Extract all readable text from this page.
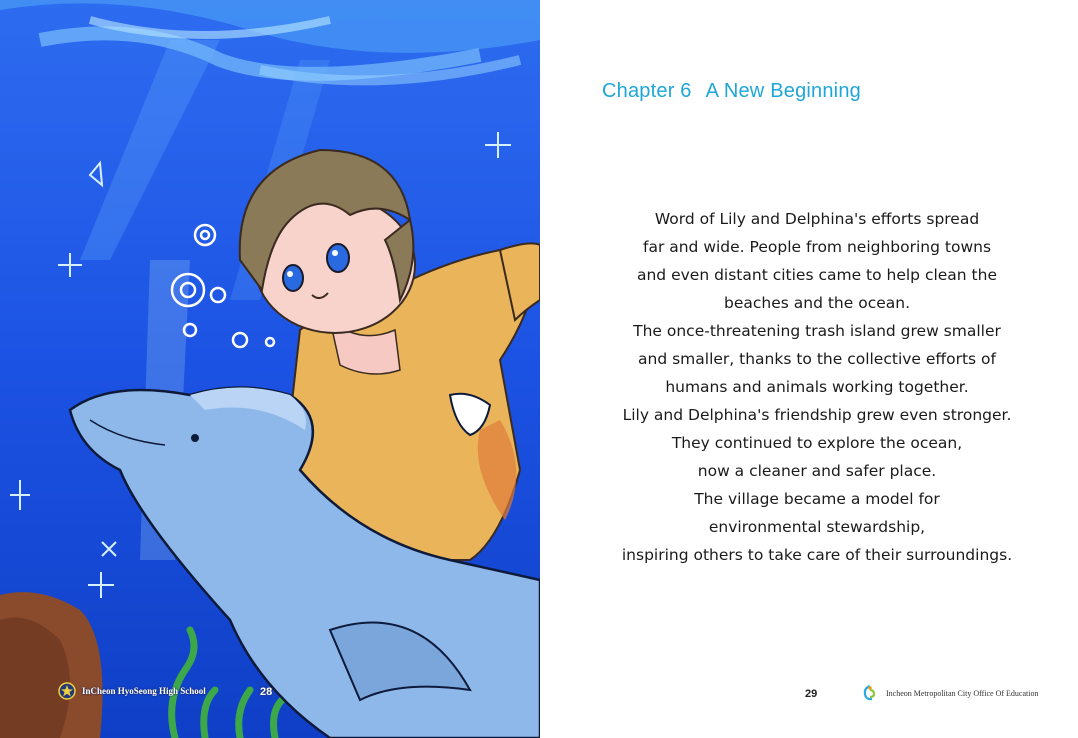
InCheon HyoSeong High School	28
Chapter 6 A New Beginning
Word of Lily and Delphina's efforts spread
far and wide. People from neighboring towns
and even distant cities came to help clean the
beaches and the ocean.
The once-threatening trash island grew smaller
and smaller, thanks to the collective efforts of
humans and animals working together.
Lily and Delphina's friendship grew even stronger.
They continued to explore the ocean,
now a cleaner and safer place.
The village became a model for
environmental stewardship,
inspiring others to take care of their surroundings.
29	Incheon Metropolitan City Office Of Education
